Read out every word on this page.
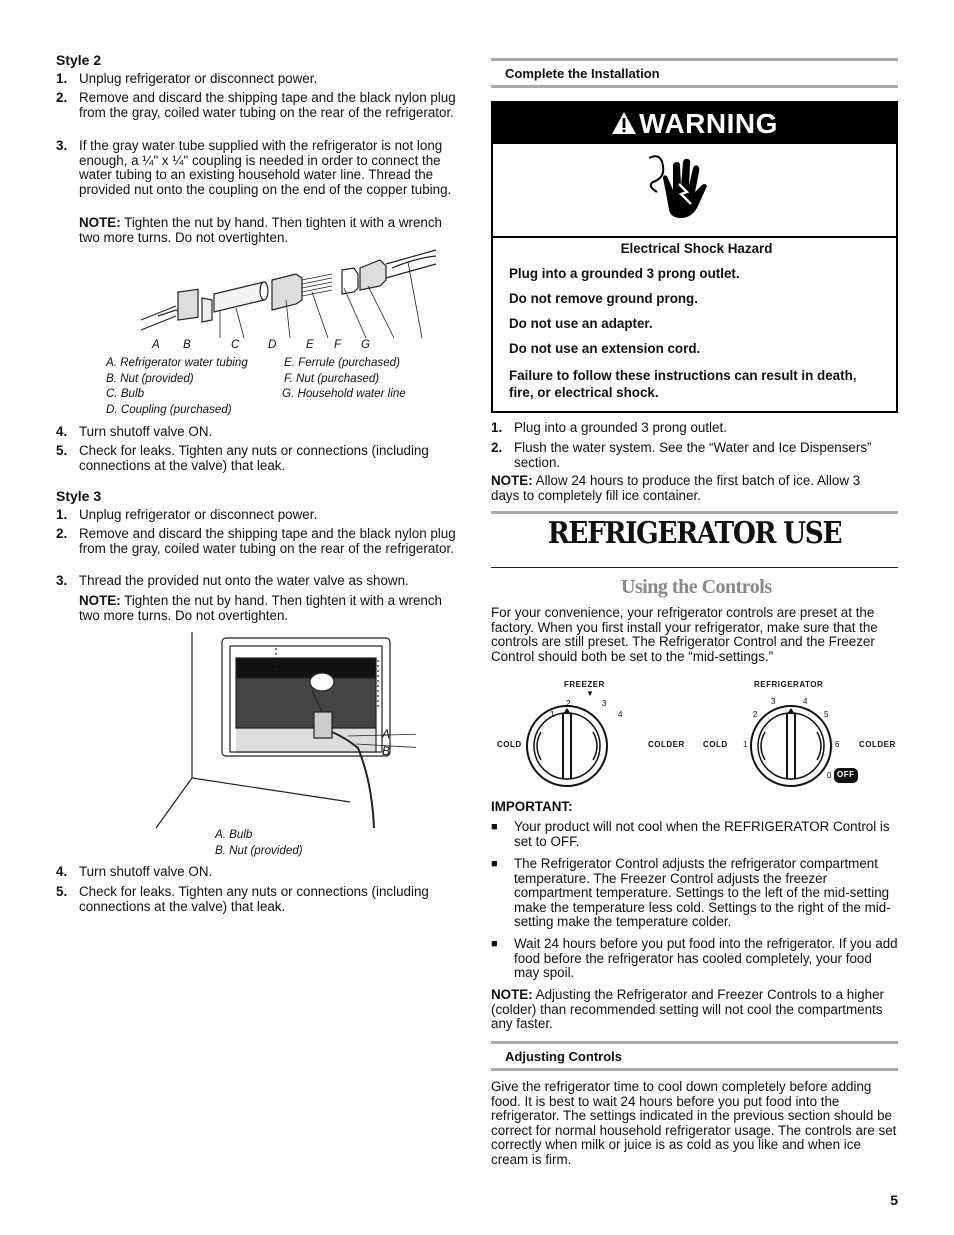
Style 2
1. Unplug refrigerator or disconnect power.
2. Remove and discard the shipping tape and the black nylon plug from the gray, coiled water tubing on the rear of the refrigerator.
3. If the gray water tube supplied with the refrigerator is not long enough, a ¼" x ¼" coupling is needed in order to connect the water tubing to an existing household water line. Thread the provided nut onto the coupling on the end of the copper tubing.
NOTE: Tighten the nut by hand. Then tighten it with a wrench two more turns. Do not overtighten.
A B	C D	E F G
A. Refrigerator water tubing
B. Nut (provided)
C. Bulb
D. Coupling (purchased)
E. Ferrule (purchased)
F. Nut (purchased)
G. Household water line
4. Turn shutoff valve ON.
5. Check for leaks. Tighten any nuts or connections (including connections at the valve) that leak.
Style 3
1. Unplug refrigerator or disconnect power.
2. Remove and discard the shipping tape and the black nylon plug from the gray, coiled water tubing on the rear of the refrigerator.
3. Thread the provided nut onto the water valve as shown.
NOTE: Tighten the nut by hand. Then tighten it with a wrench two more turns. Do not overtighten.
A
B
A. Bulb
B. Nut (provided)
4. Turn shutoff valve ON.
5. Check for leaks. Tighten any nuts or connections (including connections at the valve) that leak.
Complete the Installation
WARNING
Electrical Shock Hazard
Plug into a grounded 3 prong outlet.
Do not remove ground prong.
Do not use an adapter.
Do not use an extension cord.
Failure to follow these instructions can result in death, fire, or electrical shock.
1. Plug into a grounded 3 prong outlet.
2. Flush the water system. See the “Water and Ice Dispensers” section.
NOTE: Allow 24 hours to produce the first batch of ice. Allow 3 days to completely fill ice container.
REFRIGERATOR USE
Using the Controls
For your convenience, your refrigerator controls are preset at the factory. When you first install your refrigerator, make sure that the controls are still preset. The Refrigerator Control and the Freezer Control should both be set to the “mid-settings.”
FREEZER
▼
1
2	3
4
COLD	COLDER
REFRIGERATOR
1
2
3	4
5
6
0 OFF
COLD	COLDER
IMPORTANT:
■	Your product will not cool when the REFRIGERATOR Control is set to OFF.
■	The Refrigerator Control adjusts the refrigerator compartment temperature. The Freezer Control adjusts the freezer compartment temperature. Settings to the left of the mid-setting make the temperature less cold. Settings to the right of the mid-setting make the temperature colder.
■	Wait 24 hours before you put food into the refrigerator. If you add food before the refrigerator has cooled completely, your food may spoil.
NOTE: Adjusting the Refrigerator and Freezer Controls to a higher (colder) than recommended setting will not cool the compartments any faster.
Adjusting Controls
Give the refrigerator time to cool down completely before adding food. It is best to wait 24 hours before you put food into the refrigerator. The settings indicated in the previous section should be correct for normal household refrigerator usage. The controls are set correctly when milk or juice is as cold as you like and when ice cream is firm.
5
